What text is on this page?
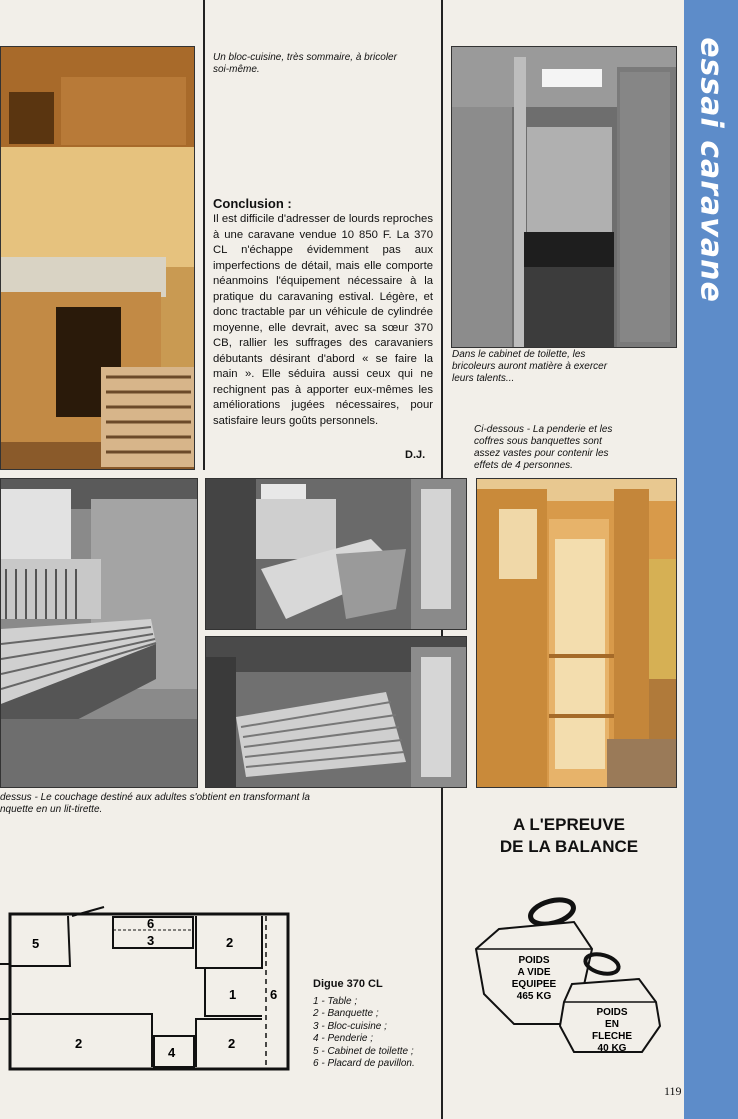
essai caravane
Un bloc-cuisine, très sommaire, à bricoler soi-même.
Conclusion :
Il est difficile d'adresser de lourds reproches à une caravane vendue 10 850 F. La 370 CL n'échappe évidemment pas aux imperfections de détail, mais elle comporte néanmoins l'équipement nécessaire à la pratique du caravaning estival. Légère, et donc tractable par un véhicule de cylindrée moyenne, elle devrait, avec sa sœur 370 CB, rallier les suffrages des caravaniers débutants désirant d'abord « se faire la main ». Elle séduira aussi ceux qui ne rechignent pas à apporter eux-mêmes les améliorations jugées nécessaires, pour satisfaire leurs goûts personnels.
D.J.
Dans le cabinet de toilette, les
bricoleurs auront matière à exercer
leurs talents...
Ci-dessous - La penderie et les
coffres sous banquettes sont
assez vastes pour contenir les
effets de 4 personnes.
dessus - Le couchage destiné aux adultes s'obtient en transformant la
nquette en un lit-tirette.
A L'EPREUVE
DE LA BALANCE
POIDS
A VIDE
EQUIPEE
465 KG
POIDS
EN
FLECHE
40 KG
5
6
3	2
1	6
2
4
2
Digue 370 CL
1 - Table ;
2 - Banquette ;
3 - Bloc-cuisine ;
4 - Penderie ;
5 - Cabinet de toilette ;
6 - Placard de pavillon.
119
